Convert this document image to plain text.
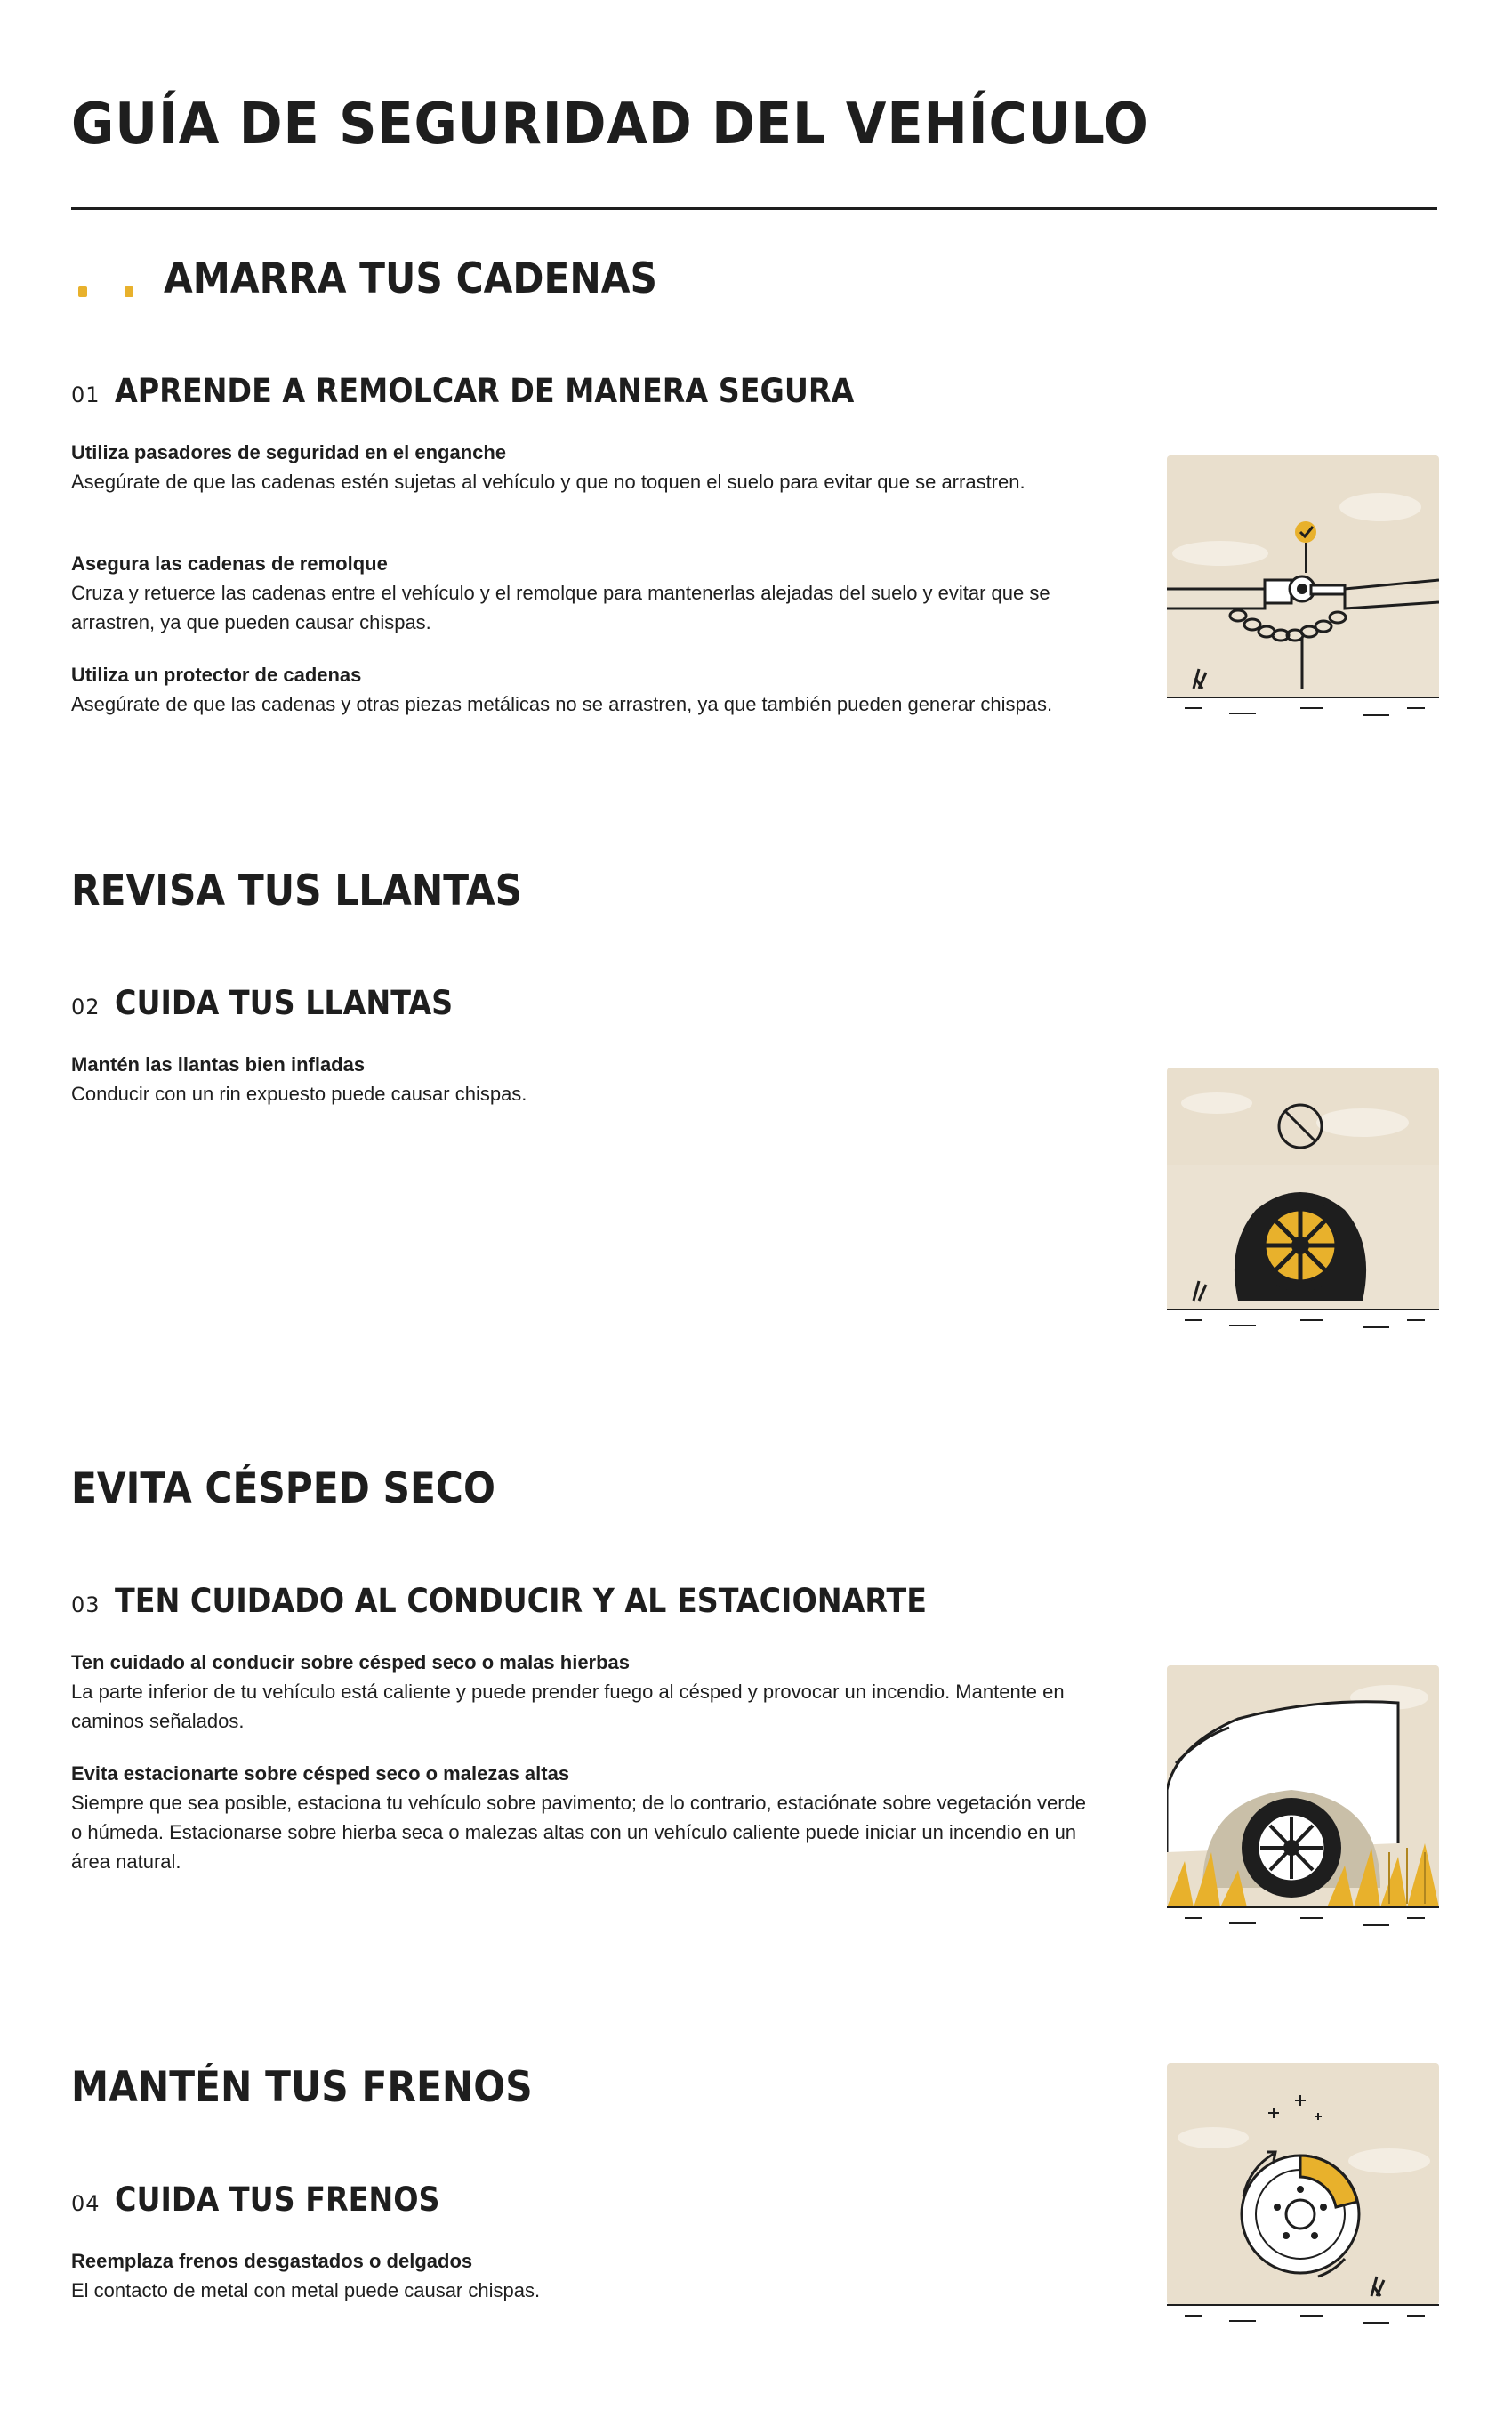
GUÍA DE SEGURIDAD DEL VEHÍCULO
AMARRA TUS CADENAS
01 APRENDE A REMOLCAR DE MANERA SEGURA
Utiliza pasadores de seguridad en el enganche
Asegúrate de que las cadenas estén sujetas al vehículo y que no toquen el suelo para evitar que se arrastren.
Asegura las cadenas de remolque
Cruza y retuerce las cadenas entre el vehículo y el remolque para mantenerlas alejadas del suelo y evitar que se arrastren, ya que pueden causar chispas.
Utiliza un protector de cadenas
Asegúrate de que las cadenas y otras piezas metálicas no se arrastren, ya que también pueden generar chispas.
REVISA TUS LLANTAS
02 CUIDA TUS LLANTAS
Mantén las llantas bien infladas
Conducir con un rin expuesto puede causar chispas.
EVITA CÉSPED SECO
03 TEN CUIDADO AL CONDUCIR Y AL ESTACIONARTE
Ten cuidado al conducir sobre césped seco o malas hierbas
La parte inferior de tu vehículo está caliente y puede prender fuego al césped y provocar un incendio. Mantente en caminos señalados.
Evita estacionarte sobre césped seco o malezas altas
Siempre que sea posible, estaciona tu vehículo sobre pavimento; de lo contrario, estaciónate sobre vegetación verde o húmeda. Estacionarse sobre hierba seca o malezas altas con un vehículo caliente puede iniciar un incendio en un área natural.
MANTÉN TUS FRENOS
04 CUIDA TUS FRENOS
Reemplaza frenos desgastados o delgados
El contacto de metal con metal puede causar chispas.
